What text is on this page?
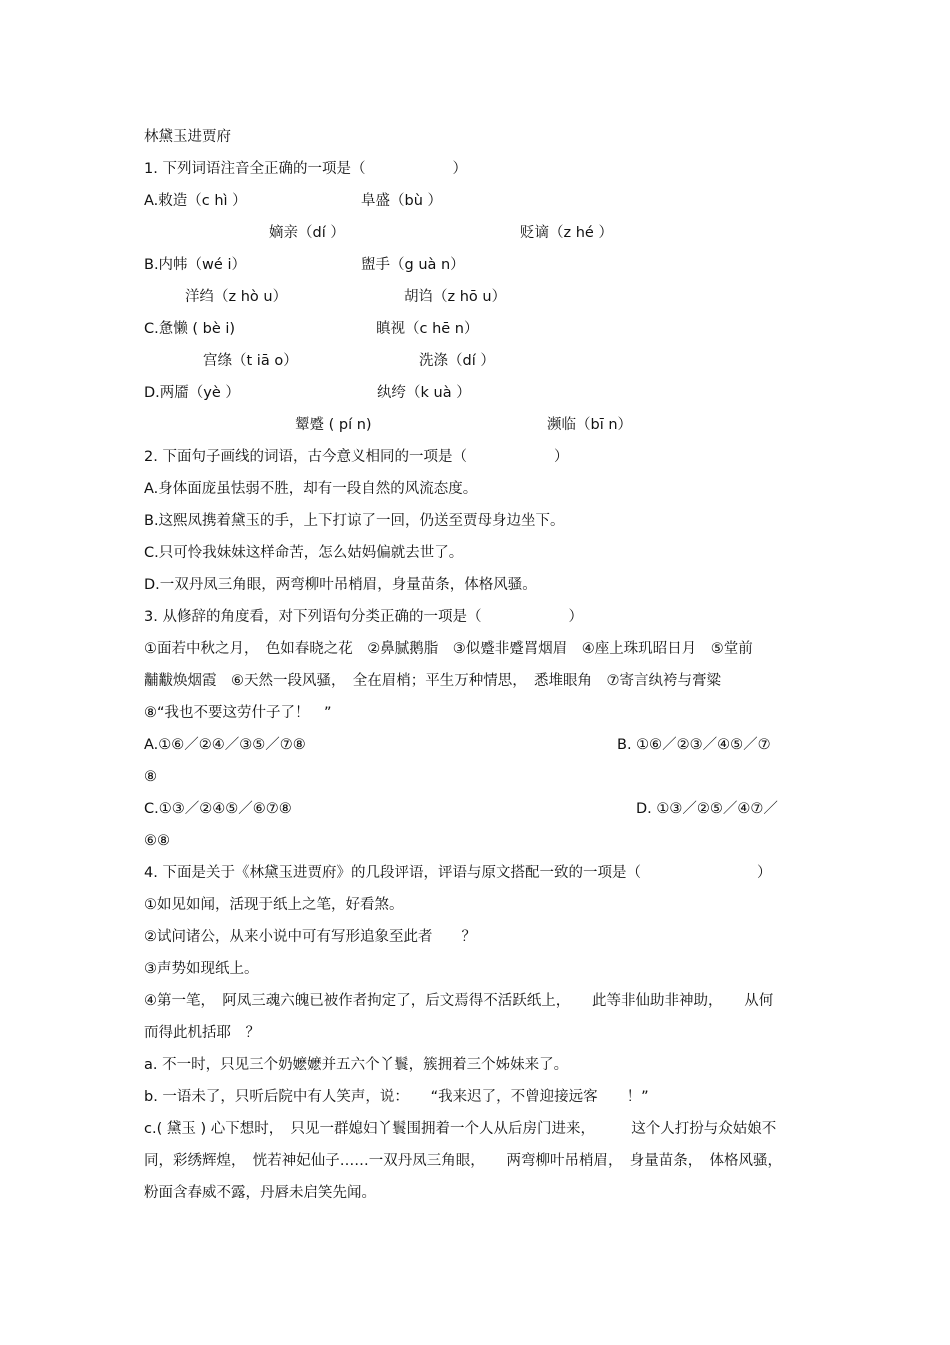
林黛玉进贾府
1. 下列词语注音全正确的一项是（　　　　　　）
A.敕造（c hì ）	阜盛（bù ）
嫡亲（dí ）	贬谪（z hé ）
B.内帏（wé i）	盥手（g uà n）
洋绉（z hò u）	胡诌（z hō u）
C.惫懒 ( bè i)	瞋视（c hē n）
宫绦（t iā o）	洗涤（dí ）
D.两靥（yè ）	纨绔（k uà ）
颦蹙 ( pí n)	濒临（bī n）
2. 下面句子画线的词语，古今意义相同的一项是（　　　　　　）
A.身体面庞虽怯弱不胜，却有一段自然的风流态度。
B.这熙凤携着黛玉的手，上下打谅了一回，仍送至贾母身边坐下。
C.只可怜我妹妹这样命苦，怎么姑妈偏就去世了。
D.一双丹凤三角眼，两弯柳叶吊梢眉，身量苗条，体格风骚。
3. 从修辞的角度看，对下列语句分类正确的一项是（　　　　　　）
①面若中秋之月，　色如春晓之花　②鼻腻鹅脂　③似蹙非蹙罥烟眉　④座上珠玑昭日月　⑤堂前
黼黻焕烟霞　⑥天然一段风骚，　全在眉梢；平生万种情思，　悉堆眼角　⑦寄言纨袴与膏粱
⑧“我也不要这劳什子了！　”
A.①⑥／②④／③⑤／⑦⑧	B. ①⑥／②③／④⑤／⑦
⑧
C.①③／②④⑤／⑥⑦⑧	D. ①③／②⑤／④⑦／
⑥⑧
4. 下面是关于《林黛玉进贾府》的几段评语，评语与原文搭配一致的一项是（　　　　　　　　）
①如见如闻，活现于纸上之笔，好看煞。
②试问诸公，从来小说中可有写形追象至此者　　？
③声势如现纸上。
④第一笔，　阿凤三魂六魄已被作者拘定了，后文焉得不活跃纸上，　　此等非仙助非神助，　　从何
而得此机括耶　？
a. 不一时，只见三个奶嬷嬷并五六个丫鬟，簇拥着三个姊妹来了。
b. 一语未了，只听后院中有人笑声，说：　　“我来迟了，不曾迎接远客　　！”
c.( 黛玉 ) 心下想时，　只见一群媳妇丫鬟围拥着一个人从后房门进来，　　　这个人打扮与众姑娘不
同，彩绣辉煌，　恍若神妃仙子……一双丹凤三角眼，　　两弯柳叶吊梢眉，　身量苗条，　体格风骚，
粉面含春威不露，丹唇未启笑先闻。
